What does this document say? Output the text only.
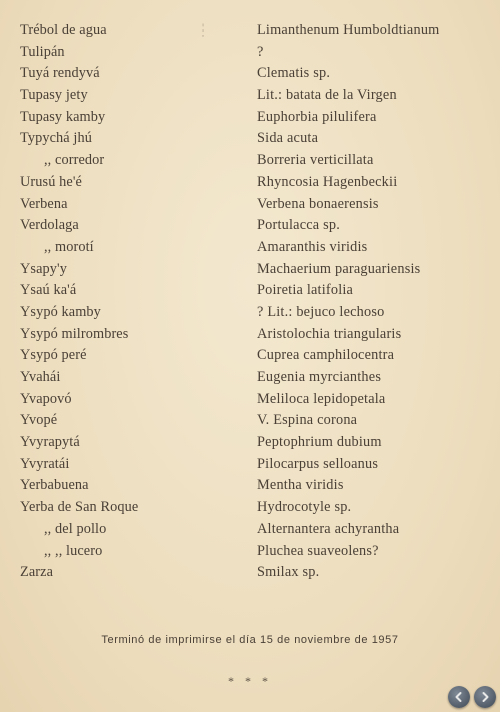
¦
·
Trébol de agua	Limanthenum Humboldtianum
Tulipán	?
Tuyá rendyvá	Clematis sp.
Tupasy jety	Lit.: batata de la Virgen
Tupasy kamby	Euphorbia pilulifera
Typychá jhú	Sida acuta
,, corredor	Borreria verticillata
Urusú he'é	Rhyncosia Hagenbeckii
Verbena	Verbena bonaerensis
Verdolaga	Portulacca sp.
,, morotí	Amaranthis viridis
Ysapy'y	Machaerium paraguariensis
Ysaú ka'á	Poiretia latifolia
Ysypó kamby	? Lit.: bejuco lechoso
Ysypó milrombres	Aristolochia triangularis
Ysypó peré	Cuprea camphilocentra
Yvahái	Eugenia myrcianthes
Yvapovó	Meliloca lepidopetala
Yvopé	V. Espina corona
Yvyrapytá	Peptophrium dubium
Yvyratái	Pilocarpus selloanus
Yerbabuena	Mentha viridis
Yerba de San Roque	Hydrocotyle sp.
,, del pollo	Alternantera achyrantha
,, ,, lucero	Pluchea suaveolens?
Zarza	Smilax sp.
Terminó de imprimirse el día 15 de noviembre de 1957
* * *
